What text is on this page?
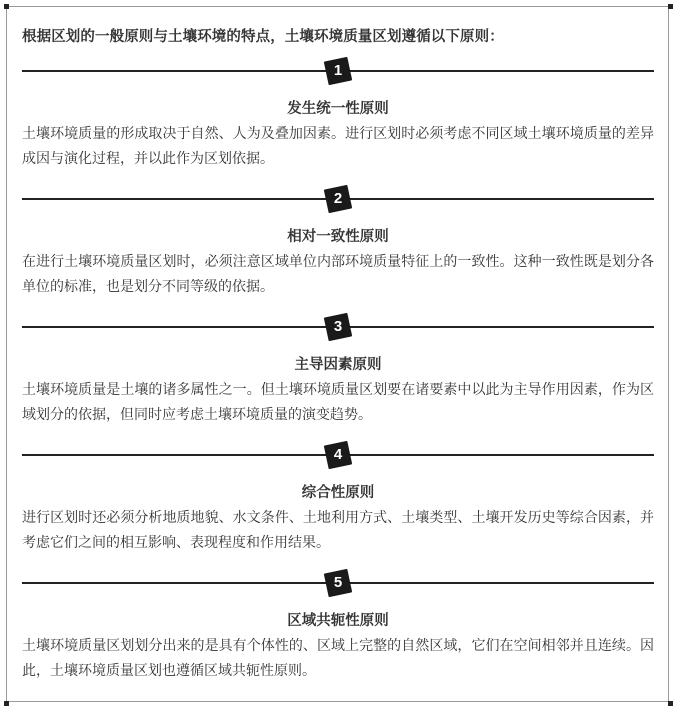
根据区划的一般原则与土壤环境的特点，土壤环境质量区划遵循以下原则：
1
发生统一性原则
土壤环境质量的形成取决于自然、人为及叠加因素。进行区划时必须考虑不同区域土壤环境质量的差异成因与演化过程，并以此作为区划依据。
2
相对一致性原则
在进行土壤环境质量区划时，必须注意区域单位内部环境质量特征上的一致性。这种一致性既是划分各单位的标准，也是划分不同等级的依据。
3
主导因素原则
土壤环境质量是土壤的诸多属性之一。但土壤环境质量区划要在诸要素中以此为主导作用因素，作为区域划分的依据，但同时应考虑土壤环境质量的演变趋势。
4
综合性原则
进行区划时还必须分析地质地貌、水文条件、土地利用方式、土壤类型、土壤开发历史等综合因素，并考虑它们之间的相互影响、表现程度和作用结果。
5
区域共轭性原则
土壤环境质量区划划分出来的是具有个体性的、区域上完整的自然区域，它们在空间相邻并且连续。因此，土壤环境质量区划也遵循区域共轭性原则。
